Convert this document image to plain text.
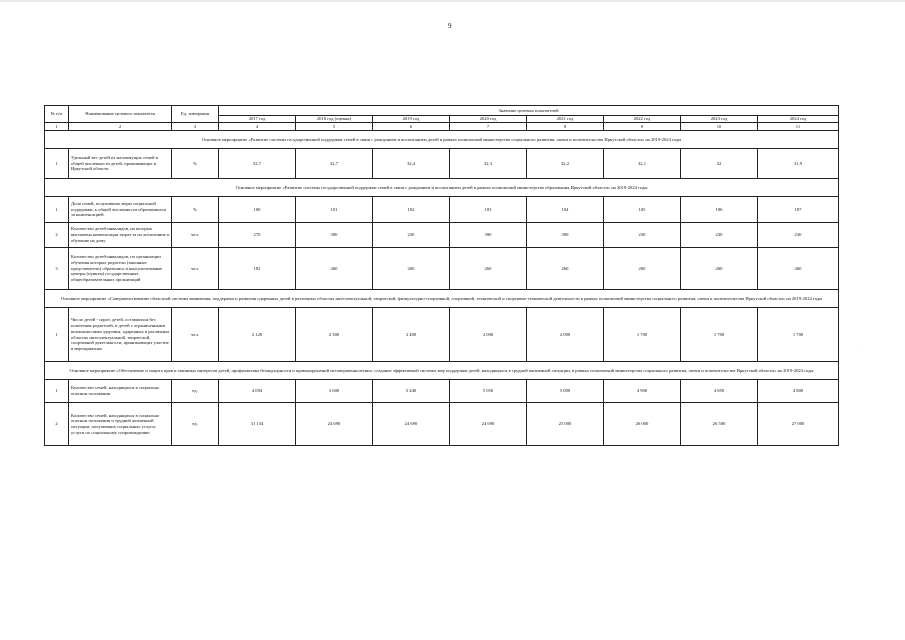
9
№ п/п	Наименование целевого показателя	Ед. измерения	Значение целевых показателей							
			2017 год	2018 год (оценка)	2019 год	2020 год	2021 год	2022 год	2023 год	2024 год
1	2	3	4	5	6	7	8	9	10	11
Основное мероприятие «Развитие системы государственной поддержки семей в связи с рождением и воспитанием детей в рамках полномочий министерства социального развития, опеки и попечительства Иркутской области» на 2019-2024 годы										
1	Удельный вес детей из малоимущих семей в общей численности детей, проживающих в Иркутской области	%	32,7	32,7	32,4	32,3	32,2	32,1	32	31,9
Основное мероприятие «Развитие системы государственной поддержки семей в связи с рождением и воспитанием детей в рамках полномочий министерства образования Иркутской области» на 2019-2024 годы										
1	Доля семей, получивших меры социальной поддержки, к общей численности обратившихся за компенсацией	%	100	101	102	103	104	105	106	107
2	Количество детей-инвалидов, на которых выплачена компенсация затрат за их воспитание и обучение на дому	чел.	270	390	230	390	390	230	230	230
3	Количество детей-инвалидов, по организации обучения которых родители (законные представители) обратились в консультативные центры (пункты) государственных общеобразовательных организаций	чел.	182	260	260	260	260	260	260	260
Основное мероприятие «Совершенствование областной системы выявления, поддержки и развития одаренных детей в различных областях интеллектуальной, творческой, физкультурно-спортивной, спортивной, технической и спортивно-технической деятельности в рамках полномочий министерства социального развития, опеки и попечительства Иркутской области» на 2019-2024 годы										
1	Число детей - сирот, детей, оставшихся без попечения родителей, и детей с ограниченными возможностями здоровья, одаренных в различных областях интеллектуальной, творческой, спортивной деятельности, принимающих участие в мероприятиях	чел.	2 120	2 300	2 400	2 000	2 000	1 700	1 700	1 700
Основное мероприятие «Обеспечение и защита прав и законных интересов детей, профилактика безнадзорности и правонарушений несовершеннолетних, создание эффективной системы мер поддержки детей, находящихся в трудной жизненной ситуации, в рамках полномочий министерства социального развития, опеки и попечительства Иркутской области» на 2019-2024 годы										
1	Количество семей, находящихся в социально опасном положении	ед.	4 094	3 600	5 440	5 050	5 000	4 900	4 850	4 800
2	Количество семей, находящихся в социально опасном положении и трудной жизненной ситуации, получивших социальные услуги, услуги по социальному сопровождению	ед.	31 134	24 690	24 690	24 690	25 000	26 000	26 500	27 000
·
,
·
